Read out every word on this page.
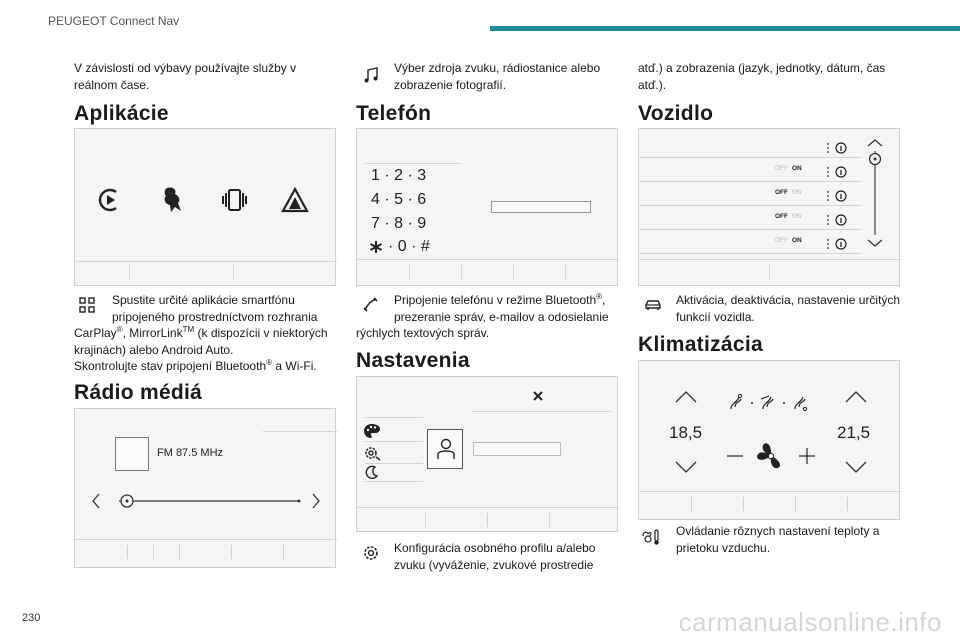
PEUGEOT Connect Nav
V závislosti od výbavy používajte služby v reálnom čase.
Aplikácie
Spustite určité aplikácie smartfónu
pripojeného prostredníctvom rozhrania
CarPlay®, MirrorLink™ (k dispozícii v niektorých
krajinách) alebo Android Auto.
Skontrolujte stav pripojení Bluetooth® a Wi-Fi.
Rádio médiá
FM 87.5 MHz
Výber zdroja zvuku, rádiostanice alebo
zobrazenie fotografií.
Telefón
1 · 2 · 3
4 · 5 · 6
7 · 8 · 9
· 0 · #
Pripojenie telefónu v režime Bluetooth®,
prezeranie správ, e-mailov a odosielanie
rýchlych textových správ.
Nastavenia
Konfigurácia osobného profilu a/alebo
zvuku (vyváženie, zvukové prostredie
atď.) a zobrazenia (jazyk, jednotky, dátum, čas
atď.).
Vozidlo
OFF ON
OFF ON
OFF ON
OFF ON
Aktivácia, deaktivácia, nastavenie určitých
funkcií vozidla.
Klimatizácia
18,5	21,5
Ovládanie rôznych nastavení teploty a
prietoku vzduchu.
230	carmanualsonline.info
